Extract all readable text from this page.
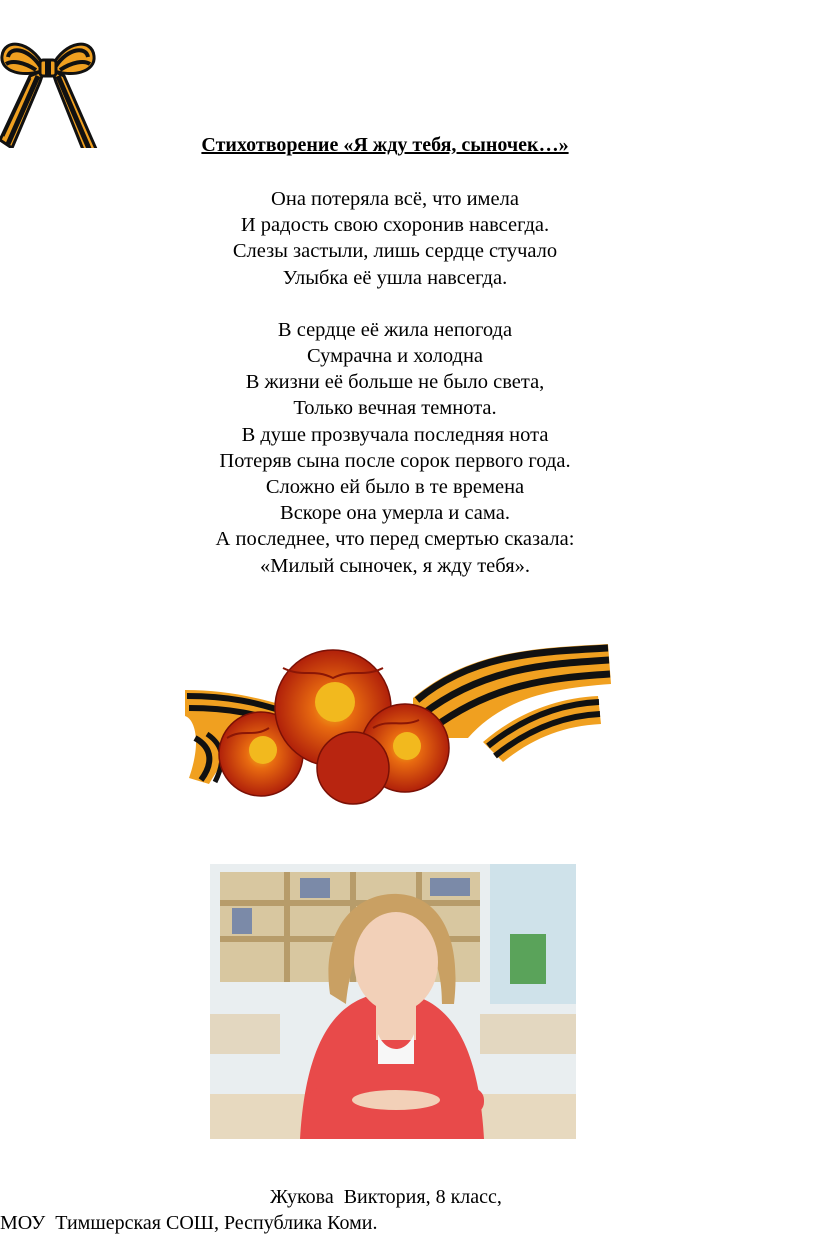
Стихотворение «Я жду тебя, сыночек…»

Она потеряла всё, что имела
И радость свою схоронив навсегда.
Слезы застыли, лишь сердце стучало
Улыбка её ушла навсегда.

В сердце её жила непогода
Сумрачна и холодна
В жизни её больше не было света,
Только вечная темнота.
В душе прозвучала последняя нота
Потеряв сына после сорок первого года.
Сложно ей было в те времена
Вскоре она умерла и сама.
А последнее, что перед смертью сказала:
«Милый сыночек, я жду тебя».

Жукова  Виктория, 8 класс,
МОУ  Тимшерская СОШ, Республика Коми.
